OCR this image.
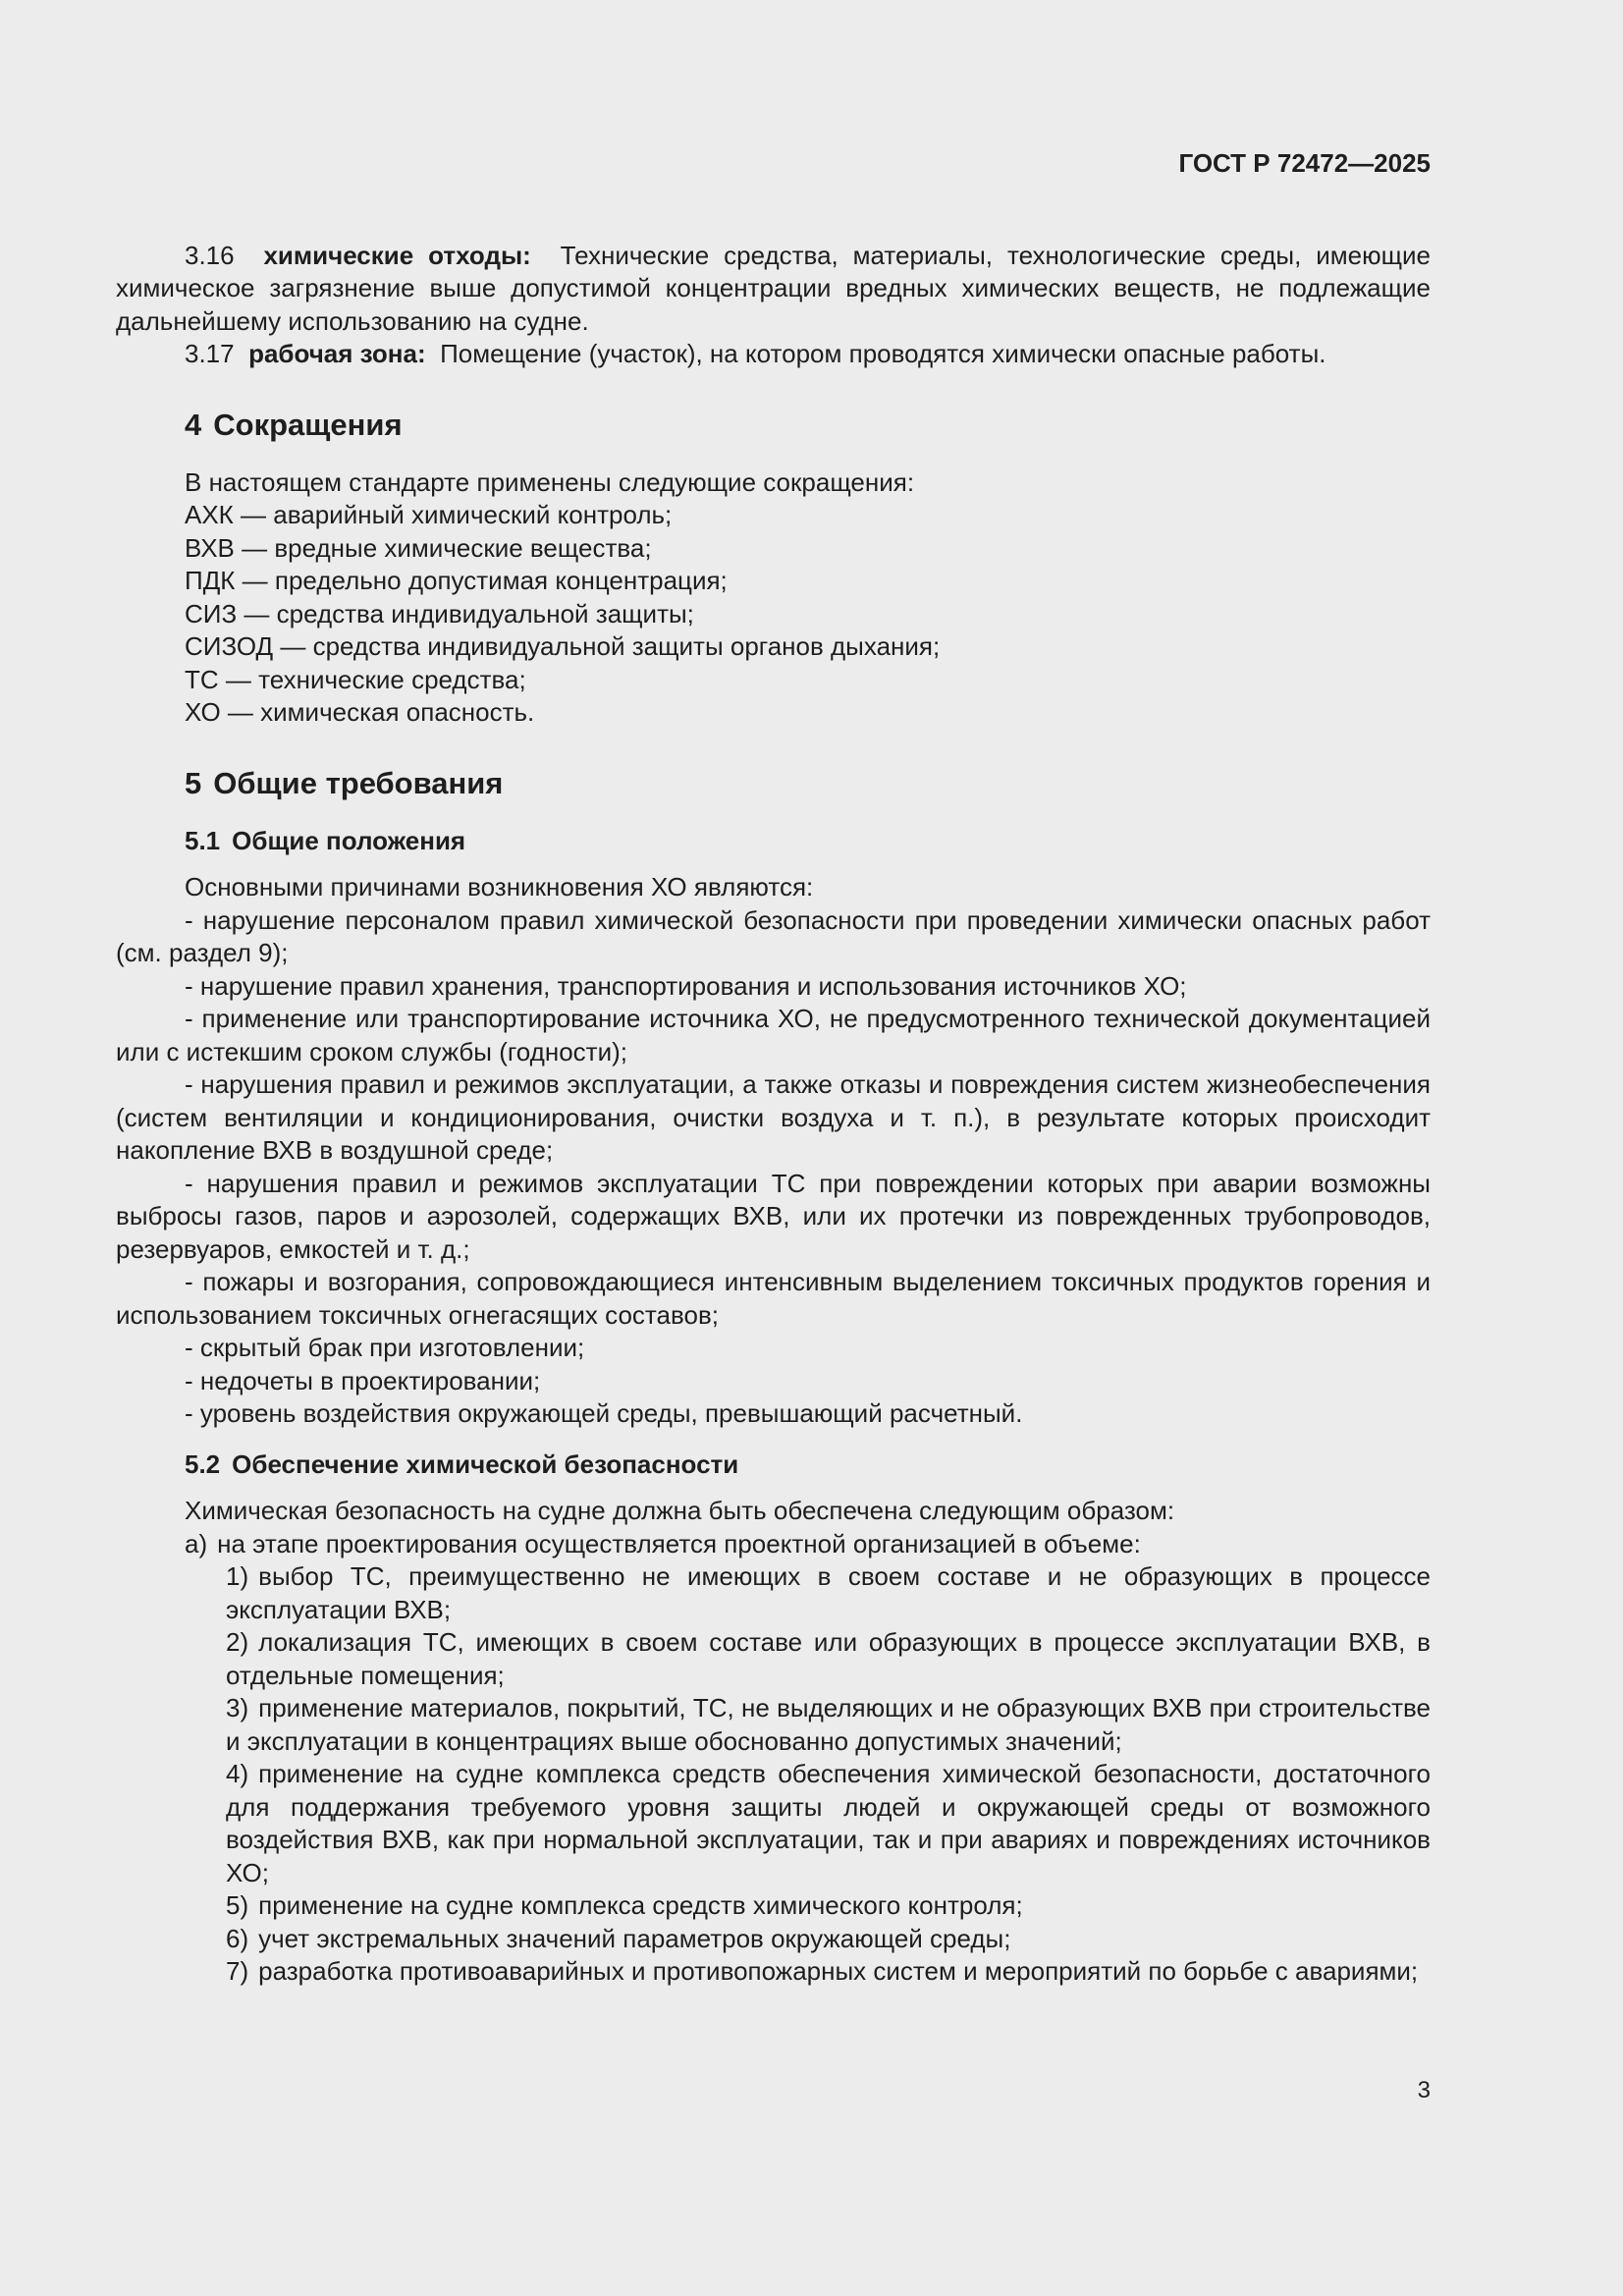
ГОСТ Р 72472—2025

3.16 химические отходы: Технические средства, материалы, технологические среды, имеющие химическое загрязнение выше допустимой концентрации вредных химических веществ, не подлежащие дальнейшему использованию на судне.

3.17 рабочая зона: Помещение (участок), на котором проводятся химически опасные работы.

4 Сокращения

В настоящем стандарте применены следующие сокращения:

АХК — аварийный химический контроль;

ВХВ — вредные химические вещества;

ПДК — предельно допустимая концентрация;

СИЗ — средства индивидуальной защиты;

СИЗОД — средства индивидуальной защиты органов дыхания;

ТС — технические средства;

ХО — химическая опасность.

5 Общие требования
5.1 Общие положения

Основными причинами возникновения ХО являются:

- нарушение персоналом правил химической безопасности при проведении химически опасных работ (см. раздел 9);

- нарушение правил хранения, транспортирования и использования источников ХО;

- применение или транспортирование источника ХО, не предусмотренного технической документацией или с истекшим сроком службы (годности);

- нарушения правил и режимов эксплуатации, а также отказы и повреждения систем жизнеобеспечения (систем вентиляции и кондиционирования, очистки воздуха и т. п.), в результате которых происходит накопление ВХВ в воздушной среде;

- нарушения правил и режимов эксплуатации ТС при повреждении которых при аварии возможны выбросы газов, паров и аэрозолей, содержащих ВХВ, или их протечки из поврежденных трубопроводов, резервуаров, емкостей и т. д.;

- пожары и возгорания, сопровождающиеся интенсивным выделением токсичных продуктов горения и использованием токсичных огнегасящих составов;

- скрытый брак при изготовлении;

- недочеты в проектировании;

- уровень воздействия окружающей среды, превышающий расчетный.

5.2 Обеспечение химической безопасности

Химическая безопасность на судне должна быть обеспечена следующим образом:

а) на этапе проектирования осуществляется проектной организацией в объеме:

1) выбор ТС, преимущественно не имеющих в своем составе и не образующих в процессе эксплуатации ВХВ;

2) локализация ТС, имеющих в своем составе или образующих в процессе эксплуатации ВХВ, в отдельные помещения;

3) применение материалов, покрытий, ТС, не выделяющих и не образующих ВХВ при строительстве и эксплуатации в концентрациях выше обоснованно допустимых значений;

4) применение на судне комплекса средств обеспечения химической безопасности, достаточного для поддержания требуемого уровня защиты людей и окружающей среды от возможного воздействия ВХВ, как при нормальной эксплуатации, так и при авариях и повреждениях источников ХО;

5) применение на судне комплекса средств химического контроля;

6) учет экстремальных значений параметров окружающей среды;

7) разработка противоаварийных и противопожарных систем и мероприятий по борьбе с авариями;

3
